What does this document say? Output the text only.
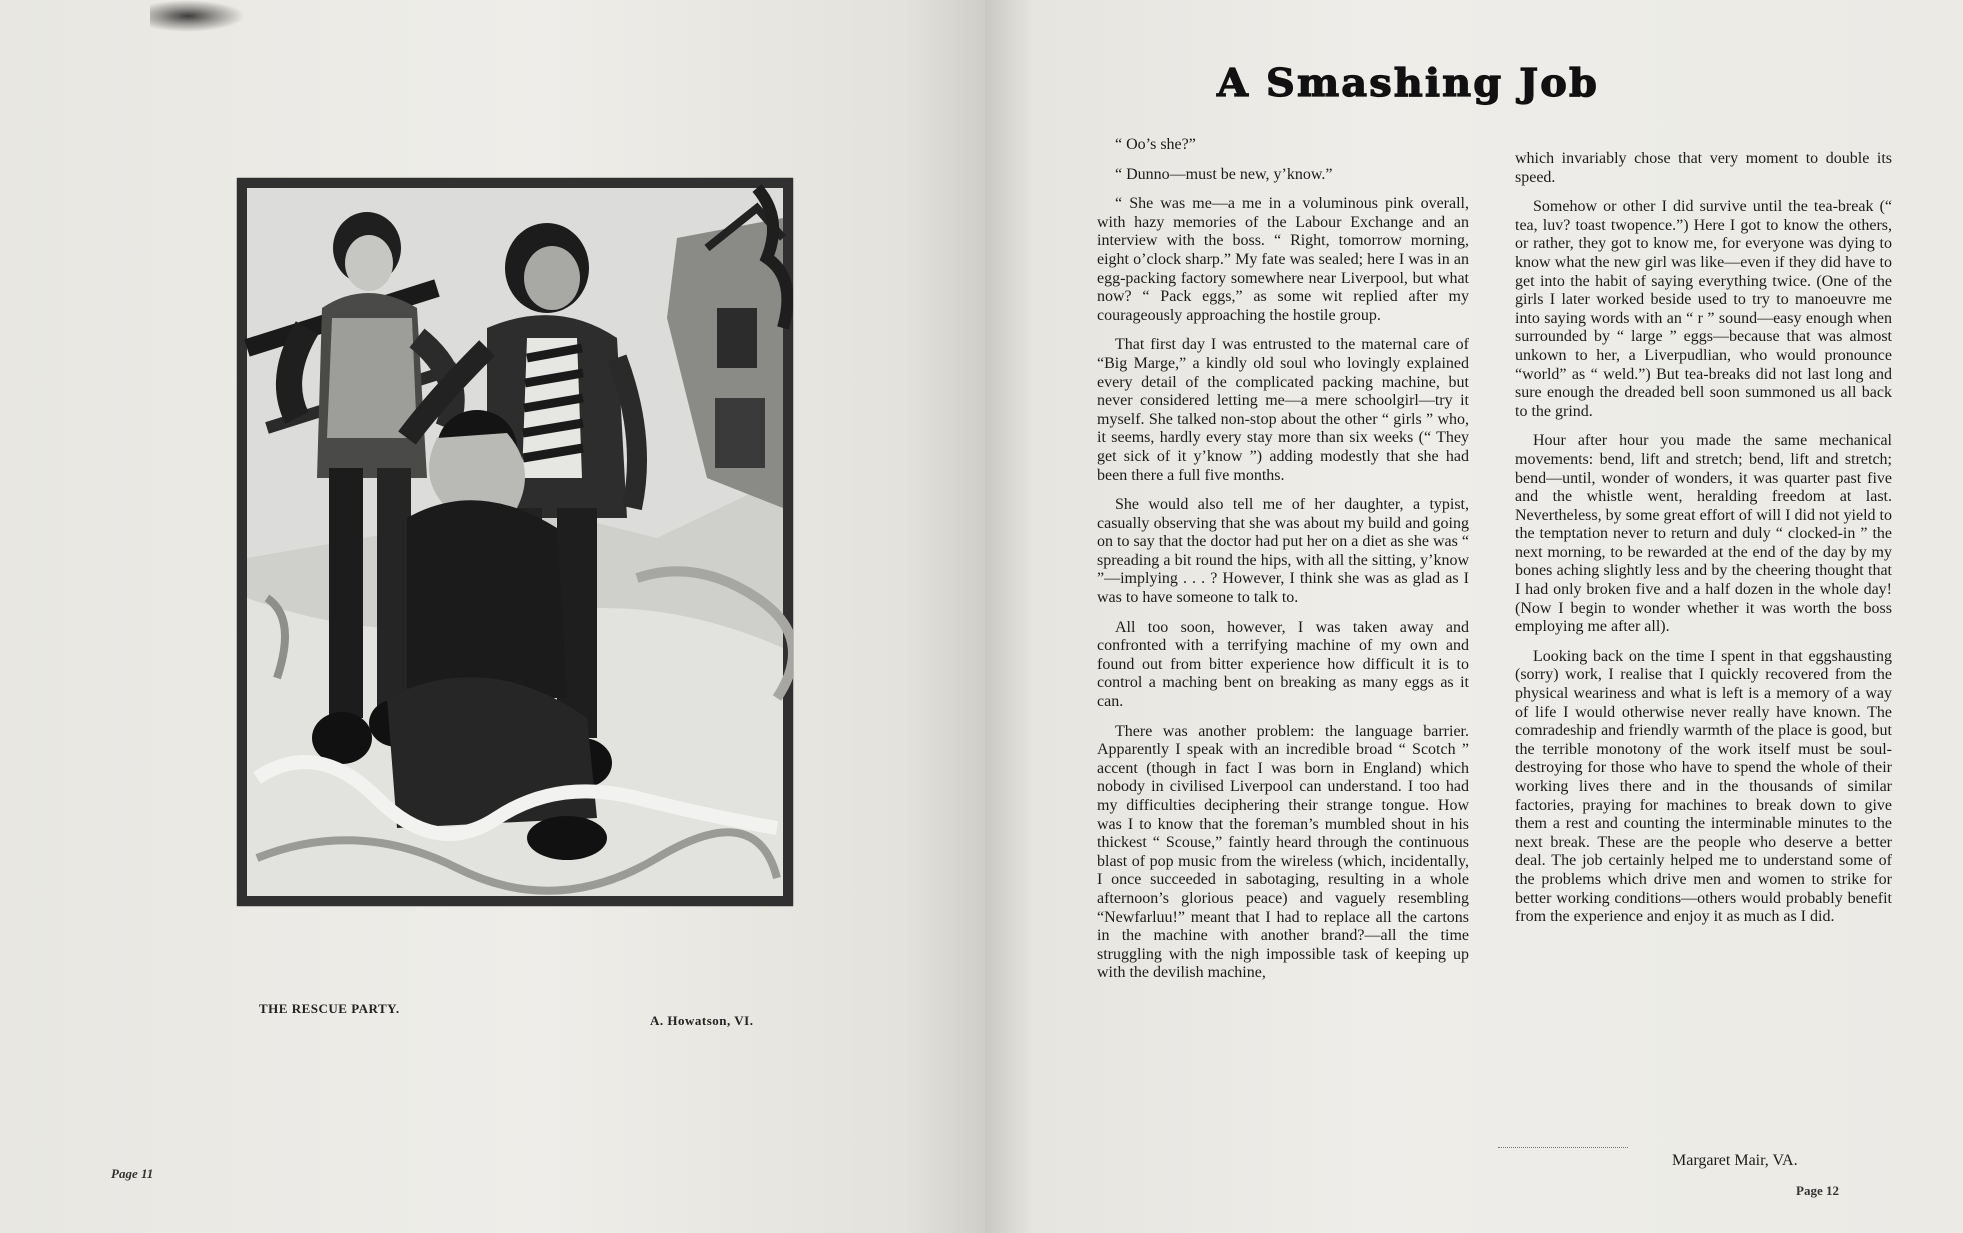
THE RESCUE PARTY.
A. Howatson, VI.
Page 11
A Smashing Job

“ Oo’s she?”

“ Dunno—must be new, y’know.”

“ She was me—a me in a voluminous pink overall, with hazy memories of the Labour Exchange and an interview with the boss. “ Right, tomorrow morning, eight o’clock sharp.” My fate was sealed; here I was in an egg-packing factory somewhere near Liverpool, but what now? “ Pack eggs,” as some wit replied after my courageously approaching the hostile group.

That first day I was entrusted to the maternal care of “Big Marge,” a kindly old soul who lovingly explained every detail of the complicated packing machine, but never considered letting me—a mere schoolgirl—try it myself. She talked non-stop about the other “ girls ” who, it seems, hardly every stay more than six weeks (“ They get sick of it y’know ”) adding modestly that she had been there a full five months.

She would also tell me of her daughter, a typist, casually observing that she was about my build and going on to say that the doctor had put her on a diet as she was “ spreading a bit round the hips, with all the sitting, y’know ”—implying . . . ? However, I think she was as glad as I was to have someone to talk to.

All too soon, however, I was taken away and confronted with a terrifying machine of my own and found out from bitter experience how difficult it is to control a maching bent on breaking as many eggs as it can.

There was another problem: the language barrier. Apparently I speak with an incredible broad “ Scotch ” accent (though in fact I was born in England) which nobody in civilised Liverpool can understand. I too had my difficulties deciphering their strange tongue. How was I to know that the foreman’s mumbled shout in his thickest “ Scouse,” faintly heard through the continuous blast of pop music from the wireless (which, incidentally, I once succeeded in sabotaging, resulting in a whole afternoon’s glorious peace) and vaguely resembling “Newfarluu!” meant that I had to replace all the cartons in the machine with another brand?—all the time struggling with the nigh impossible task of keeping up with the devilish machine,

which invariably chose that very moment to double its speed.

Somehow or other I did survive until the tea-break (“ tea, luv? toast twopence.”) Here I got to know the others, or rather, they got to know me, for everyone was dying to know what the new girl was like—even if they did have to get into the habit of saying everything twice. (One of the girls I later worked beside used to try to manoeuvre me into saying words with an “ r ” sound—easy enough when surrounded by “ large ” eggs—because that was almost unkown to her, a Liverpudlian, who would pronounce “world” as “ weld.”) But tea-breaks did not last long and sure enough the dreaded bell soon summoned us all back to the grind.

Hour after hour you made the same mechanical movements: bend, lift and stretch; bend, lift and stretch; bend—until, wonder of wonders, it was quarter past five and the whistle went, heralding freedom at last. Nevertheless, by some great effort of will I did not yield to the temptation never to return and duly “ clocked-in ” the next morning, to be rewarded at the end of the day by my bones aching slightly less and by the cheering thought that I had only broken five and a half dozen in the whole day! (Now I begin to wonder whether it was worth the boss employing me after all).

Looking back on the time I spent in that eggshausting (sorry) work, I realise that I quickly recovered from the physical weariness and what is left is a memory of a way of life I would otherwise never really have known. The comradeship and friendly warmth of the place is good, but the terrible monotony of the work itself must be soul-destroying for those who have to spend the whole of their working lives there and in the thousands of similar factories, praying for machines to break down to give them a rest and counting the interminable minutes to the next break. These are the people who deserve a better deal. The job certainly helped me to understand some of the problems which drive men and women to strike for better working conditions—others would probably benefit from the experience and enjoy it as much as I did.

Margaret Mair, VA.
Page 12
